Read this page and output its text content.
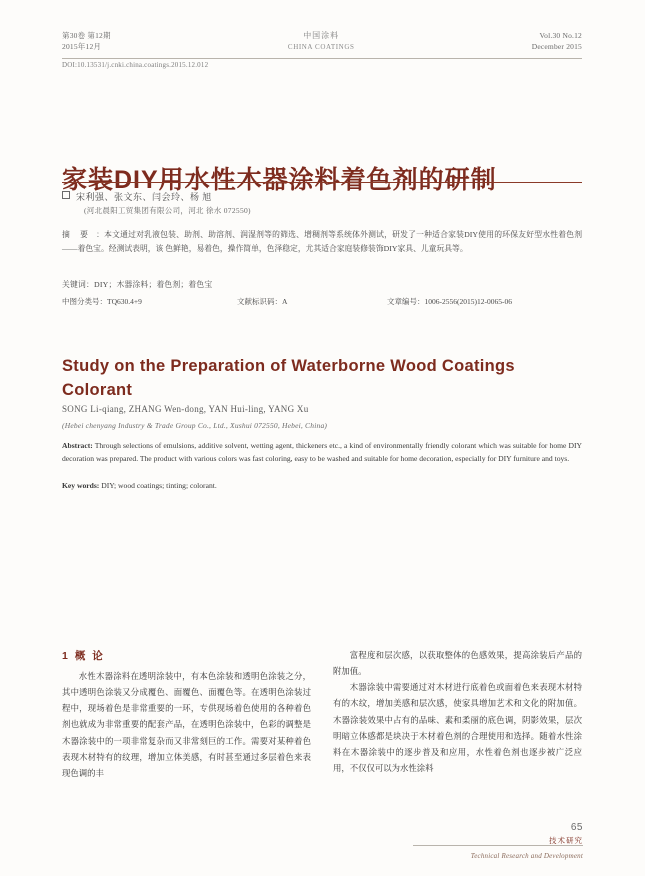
第30卷 第12期
2015年12月
中国涂料
CHINA COATINGS
Vol.30 No.12
December 2015
DOI:10.13531/j.cnki.china.coatings.2015.12.012
家装DIY用水性木器涂料着色剂的研制
宋利强、张文东、闫会玲、杨 旭
(河北晨阳工贸集团有限公司，河北 徐水 072550)
摘 要 ：本文通过对乳液包装、助剂、助溶剂、润湿剂等的筛选、增稠剂等系统体外测试，研发了一种适合家装DIY使用的环保友好型水性着色剂——着色宝。经测试表明，该 色鲜艳，易着色，操作简单，色泽稳定，尤其适合家庭装修装饰DIY家具、儿童玩具等。
关键词：DIY；木器涂料；着色剂；着色宝
中图分类号：TQ630.4+9	文献标识码：A	文章编号：1006-2556(2015)12-0065-06
Study on the Preparation of Waterborne Wood Coatings Colorant
SONG Li-qiang, ZHANG Wen-dong, YAN Hui-ling, YANG Xu
(Hebei chenyang Industry & Trade Group Co., Ltd., Xushui 072550, Hebei, China)
Abstract: Through selections of emulsions, additive solvent, wetting agent, thickeners etc., a kind of environmentally friendly colorant which was suitable for home DIY decoration was prepared. The product with various colors was fast coloring, easy to be washed and suitable for home decoration, especially for DIY furniture and toys.
Key words: DIY; wood coatings; tinting; colorant.
1 概 论

水性木器涂料在透明涂装中，有本色涂装和透明色涂装之分，其中透明色涂装又分成覆色、面覆色、面覆色等。在透明色涂装过程中，现场着色是非常重要的一环，专供现场着色使用的各种着色剂也就成为非常重要的配套产品，在透明色涂装中，色彩的调整是木器涂装中的一项非常复杂而又非常刻巨的工作。需要对某种着色表现木材特有的纹理，增加立体美感，有时甚至通过多层着色来表现色调的丰

富程度和层次感，以获取整体的色感效果，提高涂装后产品的附加值。

木器涂装中需要通过对木材进行底着色或面着色来表现木材特有的木纹，增加美感和层次感，使家具增加艺术和文化的附加值。木器涂装效果中占有的品味、素和柔丽的底色调，阴影效果，层次明暗立体感都是块决于木材着色剂的合理使用和选择。随着水性涂料在木器涂装中的逐步普及和应用，水性着色剂也逐步被广泛应用，不仅仅可以为水性涂料

65
技术研究
Technical Research and Development
